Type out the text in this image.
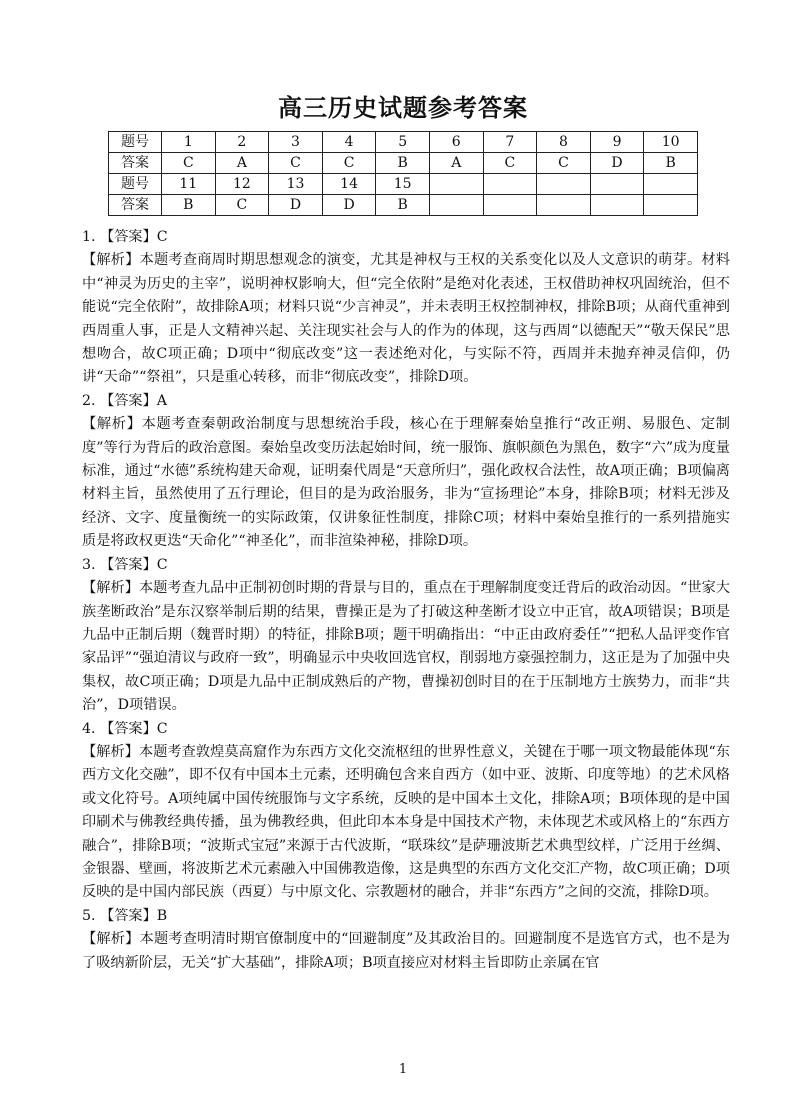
高三历史试题参考答案
题号	1	2	3	4	5	6	7	8	9	10
答案	C	A	C	C	B	A	C	C	D	B
题号	11	12	13	14	15					
答案	B	C	D	D	B					

1. 【答案】C

【解析】本题考查商周时期思想观念的演变，尤其是神权与王权的关系变化以及人文意识的萌芽。材料中“神灵为历史的主宰”，说明神权影响大，但“完全依附”是绝对化表述，王权借助神权巩固统治，但不能说“完全依附”，故排除A项；材料只说“少言神灵”，并未表明王权控制神权，排除B项；从商代重神到西周重人事，正是人文精神兴起、关注现实社会与人的作为的体现，这与西周“以德配天”“敬天保民”思想吻合，故C项正确；D项中“彻底改变”这一表述绝对化，与实际不符，西周并未抛弃神灵信仰，仍讲“天命”“祭祖”，只是重心转移，而非“彻底改变”，排除D项。

2. 【答案】A

【解析】本题考查秦朝政治制度与思想统治手段，核心在于理解秦始皇推行“改正朔、易服色、定制度”等行为背后的政治意图。秦始皇改变历法起始时间，统一服饰、旗帜颜色为黑色，数字“六”成为度量标准，通过“水德”系统构建天命观，证明秦代周是“天意所归”，强化政权合法性，故A项正确；B项偏离材料主旨，虽然使用了五行理论，但目的是为政治服务，非为“宣扬理论”本身，排除B项；材料无涉及经济、文字、度量衡统一的实际政策，仅讲象征性制度，排除C项；材料中秦始皇推行的一系列措施实质是将政权更迭“天命化”“神圣化”，而非渲染神秘，排除D项。

3. 【答案】C

【解析】本题考查九品中正制初创时期的背景与目的，重点在于理解制度变迁背后的政治动因。“世家大族垄断政治”是东汉察举制后期的结果，曹操正是为了打破这种垄断才设立中正官，故A项错误；B项是九品中正制后期（魏晋时期）的特征，排除B项；题干明确指出：“中正由政府委任”“把私人品评变作官家品评”“强迫清议与政府一致”，明确显示中央收回选官权，削弱地方豪强控制力，这正是为了加强中央集权，故C项正确；D项是九品中正制成熟后的产物，曹操初创时目的在于压制地方士族势力，而非“共治”，D项错误。

4. 【答案】C

【解析】本题考查敦煌莫高窟作为东西方文化交流枢纽的世界性意义，关键在于哪一项文物最能体现“东西方文化交融”，即不仅有中国本土元素，还明确包含来自西方（如中亚、波斯、印度等地）的艺术风格或文化符号。A项纯属中国传统服饰与文字系统，反映的是中国本土文化，排除A项；B项体现的是中国印刷术与佛教经典传播，虽为佛教经典，但此印本本身是中国技术产物，未体现艺术或风格上的“东西方融合”，排除B项；“波斯式宝冠”来源于古代波斯，“联珠纹”是萨珊波斯艺术典型纹样，广泛用于丝绸、金银器、壁画，将波斯艺术元素融入中国佛教造像，这是典型的东西方文化交汇产物，故C项正确；D项反映的是中国内部民族（西夏）与中原文化、宗教题材的融合，并非“东西方”之间的交流，排除D项。

5. 【答案】B

【解析】本题考查明清时期官僚制度中的“回避制度”及其政治目的。回避制度不是选官方式，也不是为了吸纳新阶层，无关“扩大基础”，排除A项；B项直接应对材料主旨即防止亲属在官

1
